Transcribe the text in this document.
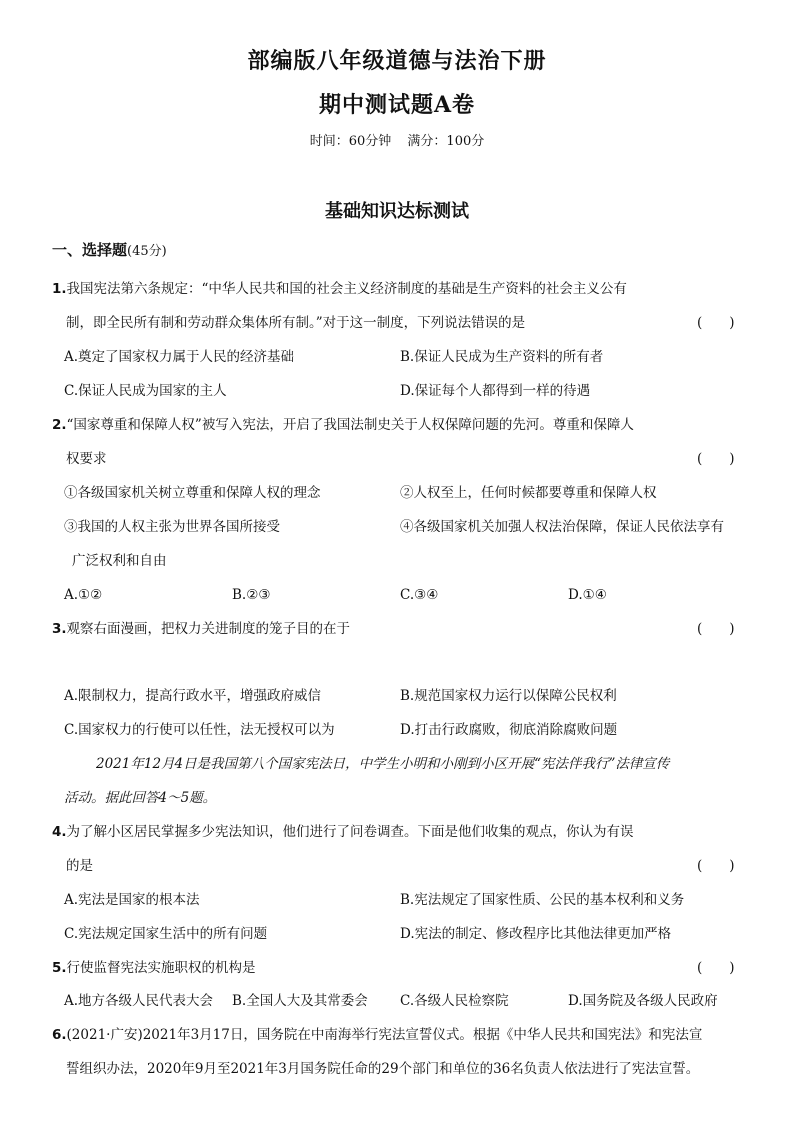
部编版八年级道德与法治下册
期中测试题A卷
时间：60分钟 满分：100分
基础知识达标测试
一、选择题(45分)
1.我国宪法第六条规定：“中华人民共和国的社会主义经济制度的基础是生产资料的社会主义公有
制，即全民所有制和劳动群众集体所有制。”对于这一制度，下列说法错误的是	(　　)
A.奠定了国家权力属于人民的经济基础	B.保证人民成为生产资料的所有者
C.保证人民成为国家的主人	D.保证每个人都得到一样的待遇
2.“国家尊重和保障人权”被写入宪法，开启了我国法制史关于人权保障问题的先河。尊重和保障人
权要求	(　　)
①各级国家机关树立尊重和保障人权的理念	②人权至上，任何时候都要尊重和保障人权
③我国的人权主张为世界各国所接受	④各级国家机关加强人权法治保障，保证人民依法享有
广泛权利和自由
A.①②	B.②③	C.③④	D.①④
3.观察右面漫画，把权力关进制度的笼子目的在于	(　　)
A.限制权力，提高行政水平，增强政府威信	B.规范国家权力运行以保障公民权利
C.国家权力的行使可以任性，法无授权可以为	D.打击行政腐败，彻底消除腐败问题
2021年12月4日是我国第八个国家宪法日，中学生小明和小刚到小区开展“宪法伴我行”法律宣传
活动。据此回答4～5题。
4.为了解小区居民掌握多少宪法知识，他们进行了问卷调查。下面是他们收集的观点，你认为有误
的是	(　　)
A.宪法是国家的根本法	B.宪法规定了国家性质、公民的基本权利和义务
C.宪法规定国家生活中的所有问题	D.宪法的制定、修改程序比其他法律更加严格
5.行使监督宪法实施职权的机构是	(　　)
A.地方各级人民代表大会 B.全国人大及其常委会 C.各级人民检察院	D.国务院及各级人民政府
6.(2021·广安)2021年3月17日，国务院在中南海举行宪法宣誓仪式。根据《中华人民共和国宪法》和宪法宣
誓组织办法，2020年9月至2021年3月国务院任命的29个部门和单位的36名负责人依法进行了宪法宣誓。
